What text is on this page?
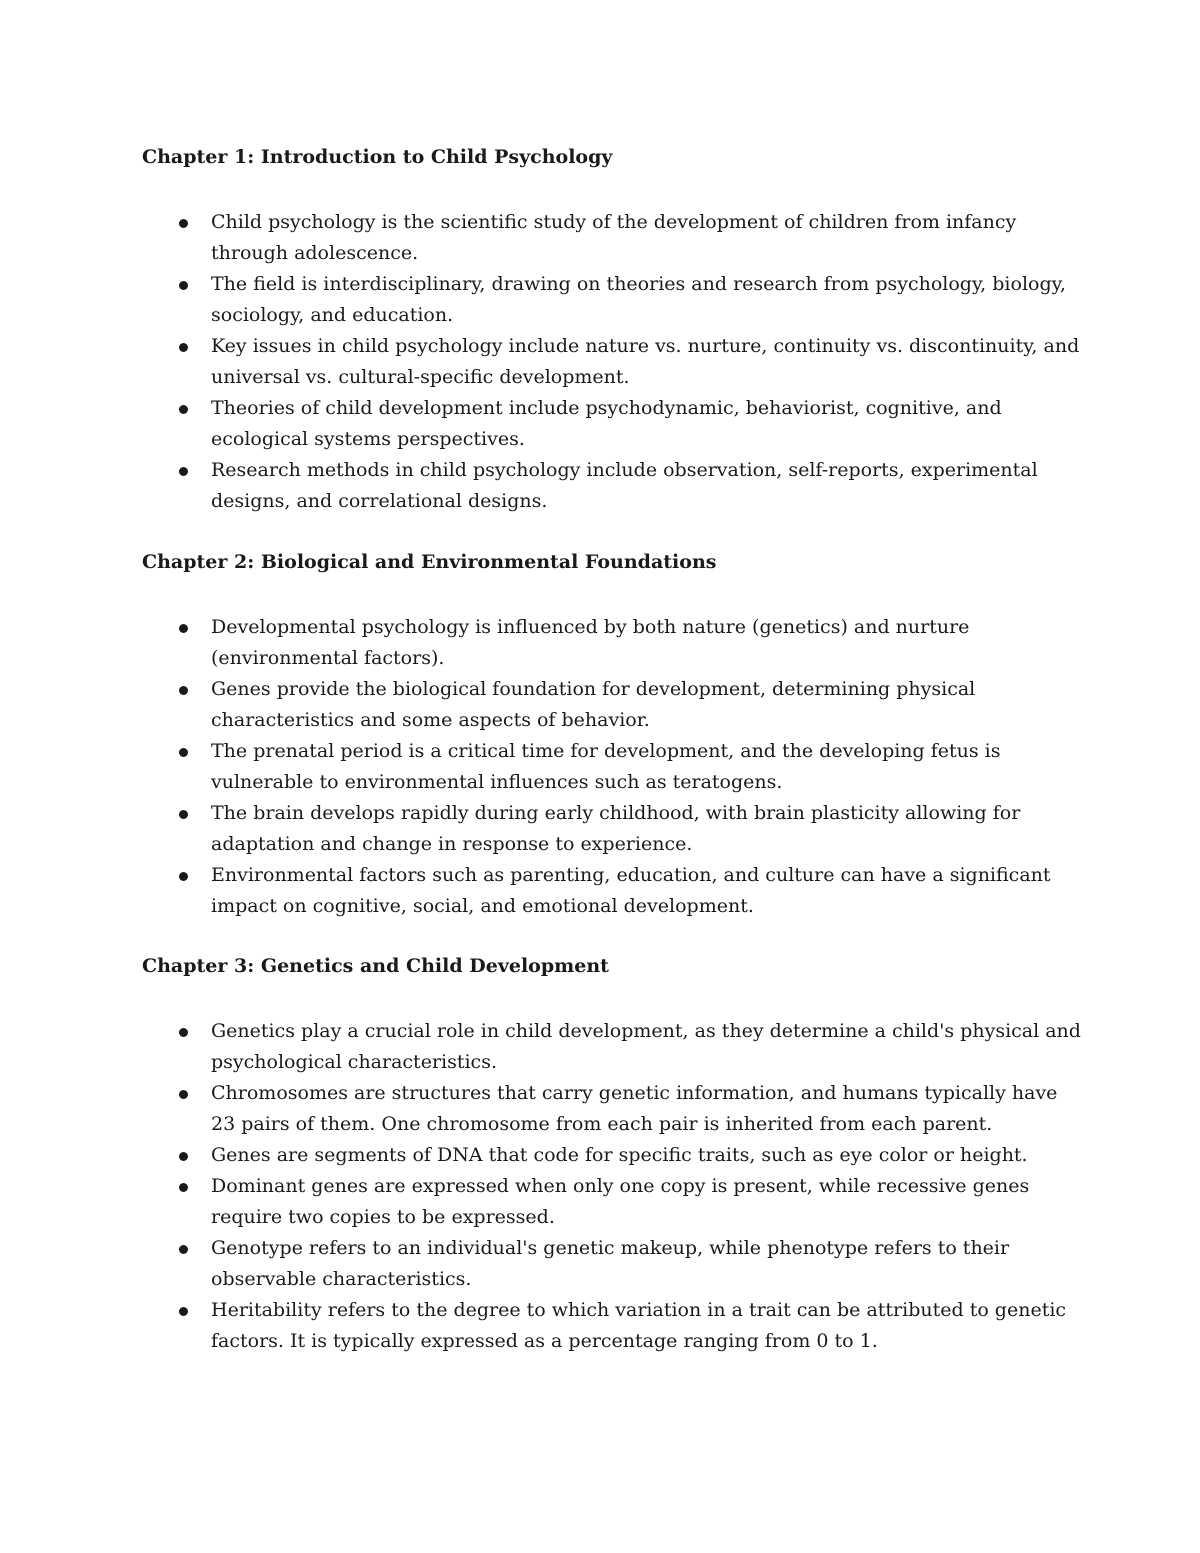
Chapter 1: Introduction to Child Psychology
Child psychology is the scientific study of the development of children from infancy through adolescence.
The field is interdisciplinary, drawing on theories and research from psychology, biology, sociology, and education.
Key issues in child psychology include nature vs. nurture, continuity vs. discontinuity, and universal vs. cultural-specific development.
Theories of child development include psychodynamic, behaviorist, cognitive, and ecological systems perspectives.
Research methods in child psychology include observation, self-reports, experimental designs, and correlational designs.
Chapter 2: Biological and Environmental Foundations
Developmental psychology is influenced by both nature (genetics) and nurture (environmental factors).
Genes provide the biological foundation for development, determining physical characteristics and some aspects of behavior.
The prenatal period is a critical time for development, and the developing fetus is vulnerable to environmental influences such as teratogens.
The brain develops rapidly during early childhood, with brain plasticity allowing for adaptation and change in response to experience.
Environmental factors such as parenting, education, and culture can have a significant impact on cognitive, social, and emotional development.
Chapter 3: Genetics and Child Development
Genetics play a crucial role in child development, as they determine a child's physical and psychological characteristics.
Chromosomes are structures that carry genetic information, and humans typically have 23 pairs of them. One chromosome from each pair is inherited from each parent.
Genes are segments of DNA that code for specific traits, such as eye color or height.
Dominant genes are expressed when only one copy is present, while recessive genes require two copies to be expressed.
Genotype refers to an individual's genetic makeup, while phenotype refers to their observable characteristics.
Heritability refers to the degree to which variation in a trait can be attributed to genetic factors. It is typically expressed as a percentage ranging from 0 to 1.
